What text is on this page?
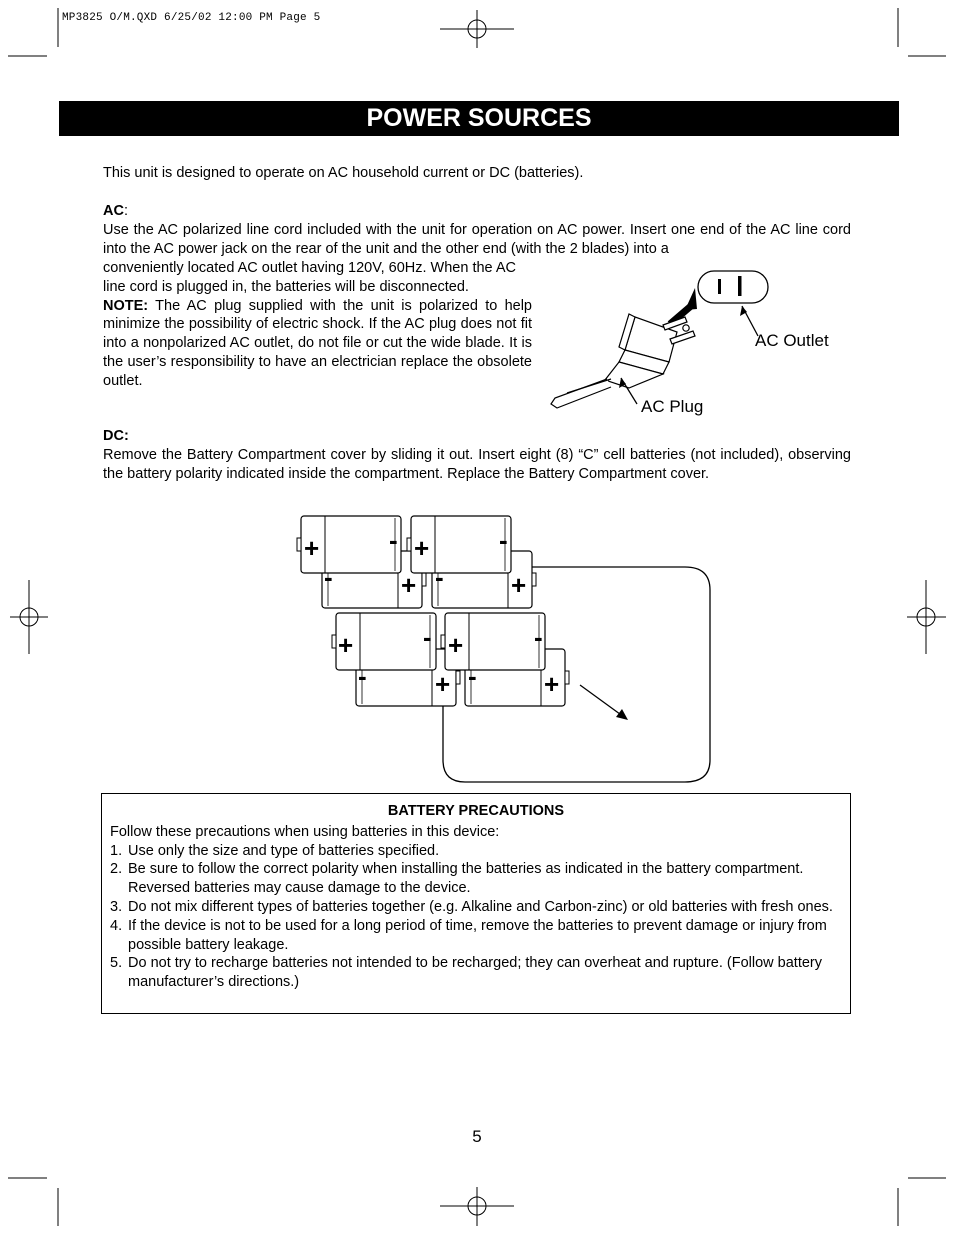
MP3825 O/M.QXD 6/25/02 12:00 PM Page 5
POWER SOURCES
This unit is designed to operate on AC household current or DC (batteries).
AC:
Use the AC polarized line cord included with the unit for operation on AC power. Insert one end of the AC line cord into the AC power jack on the rear of the unit and the other end (with the 2 blades) into a
conveniently located AC outlet having 120V, 60Hz. When the AC line cord is plugged in, the batteries will be disconnected.
NOTE: The AC plug supplied with the unit is polarized to help minimize the possibility of electric shock. If the AC plug does not fit into a nonpolarized AC outlet, do not file or cut the wide blade. It is the user’s responsibility to have an electrician replace the obsolete outlet.
AC Outlet
AC Plug
DC:
Remove the Battery Compartment cover by sliding it out. Insert eight (8) “C” cell batteries (not included), observing the battery polarity indicated inside the compartment. Replace the Battery Compartment cover.
+	- +	-
-	+ -	+
+	- +	-
-	+ -	+
BATTERY PRECAUTIONS
Follow these precautions when using batteries in this device:
1. Use only the size and type of batteries specified.
2. Be sure to follow the correct polarity when installing the batteries as indicated in the battery compartment. Reversed batteries may cause damage to the device.
3. Do not mix different types of batteries together (e.g. Alkaline and Carbon-zinc) or old batteries with fresh ones.
4. If the device is not to be used for a long period of time, remove the batteries to prevent damage or injury from possible battery leakage.
5. Do not try to recharge batteries not intended to be recharged; they can overheat and rupture. (Follow battery manufacturer’s directions.)
5
